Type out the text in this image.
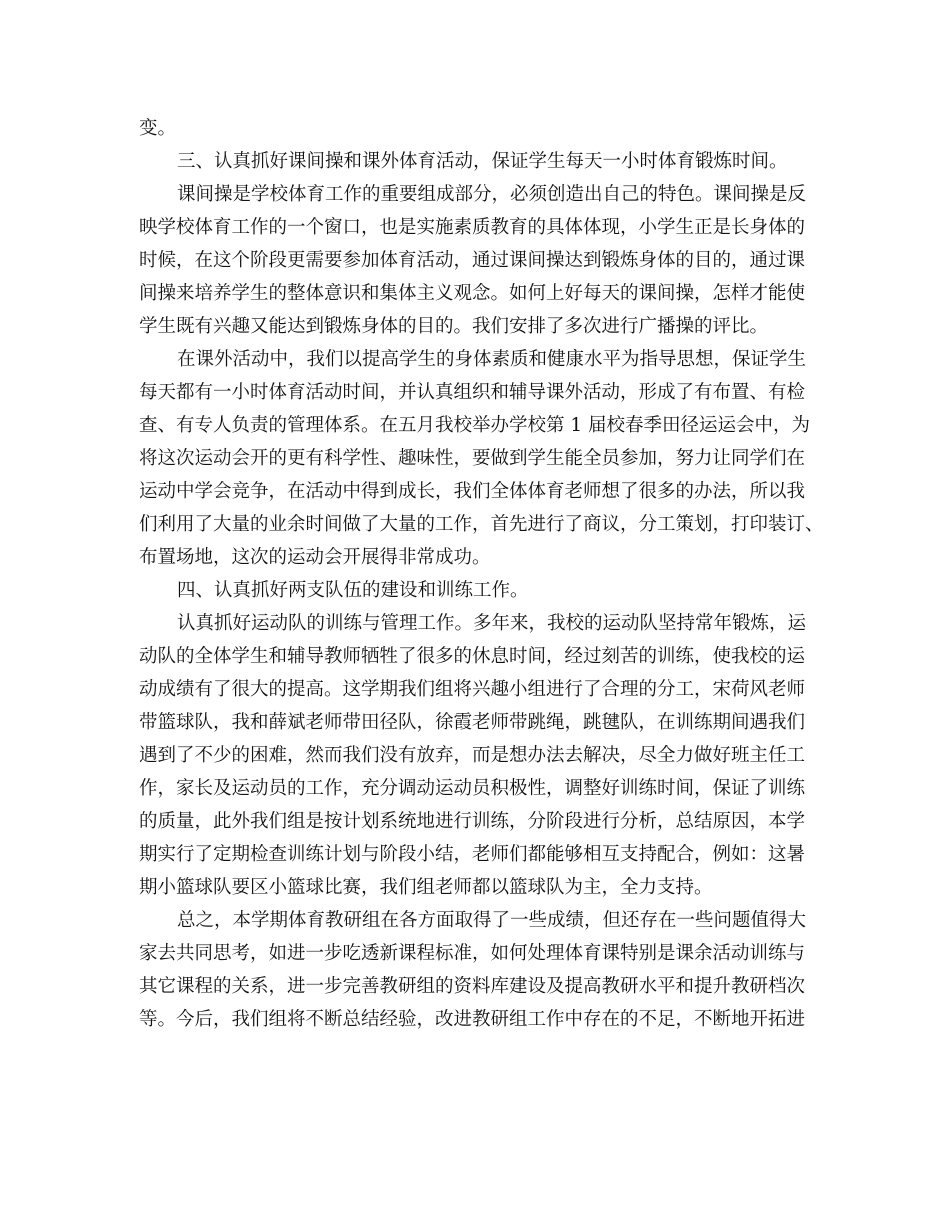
变。
三、认真抓好课间操和课外体育活动，保证学生每天一小时体育锻炼时间。
课间操是学校体育工作的重要组成部分，必须创造出自己的特色。课间操是反
映学校体育工作的一个窗口，也是实施素质教育的具体体现，小学生正是长身体的
时候，在这个阶段更需要参加体育活动，通过课间操达到锻炼身体的目的，通过课
间操来培养学生的整体意识和集体主义观念。如何上好每天的课间操，怎样才能使
学生既有兴趣又能达到锻炼身体的目的。我们安排了多次进行广播操的评比。
在课外活动中，我们以提高学生的身体素质和健康水平为指导思想，保证学生
每天都有一小时体育活动时间，并认真组织和辅导课外活动，形成了有布置、有检
查、有专人负责的管理体系。在五月我校举办学校第 1 届校春季田径运运会中，为
将这次运动会开的更有科学性、趣味性，要做到学生能全员参加，努力让同学们在
运动中学会竞争，在活动中得到成长，我们全体体育老师想了很多的办法，所以我
们利用了大量的业余时间做了大量的工作，首先进行了商议，分工策划，打印装订、
布置场地，这次的运动会开展得非常成功。
四、认真抓好两支队伍的建设和训练工作。
认真抓好运动队的训练与管理工作。多年来，我校的运动队坚持常年锻炼，运
动队的全体学生和辅导教师牺牲了很多的休息时间，经过刻苦的训练，使我校的运
动成绩有了很大的提高。这学期我们组将兴趣小组进行了合理的分工，宋荷风老师
带篮球队，我和薛斌老师带田径队，徐霞老师带跳绳，跳毽队，在训练期间遇我们
遇到了不少的困难，然而我们没有放弃，而是想办法去解决，尽全力做好班主任工
作，家长及运动员的工作，充分调动运动员积极性，调整好训练时间，保证了训练
的质量，此外我们组是按计划系统地进行训练，分阶段进行分析，总结原因，本学
期实行了定期检查训练计划与阶段小结，老师们都能够相互支持配合，例如：这暑
期小篮球队要区小篮球比赛，我们组老师都以篮球队为主，全力支持。
总之，本学期体育教研组在各方面取得了一些成绩，但还存在一些问题值得大
家去共同思考，如进一步吃透新课程标准，如何处理体育课特别是课余活动训练与
其它课程的关系，进一步完善教研组的资料库建设及提高教研水平和提升教研档次
等。今后，我们组将不断总结经验，改进教研组工作中存在的不足，不断地开拓进
